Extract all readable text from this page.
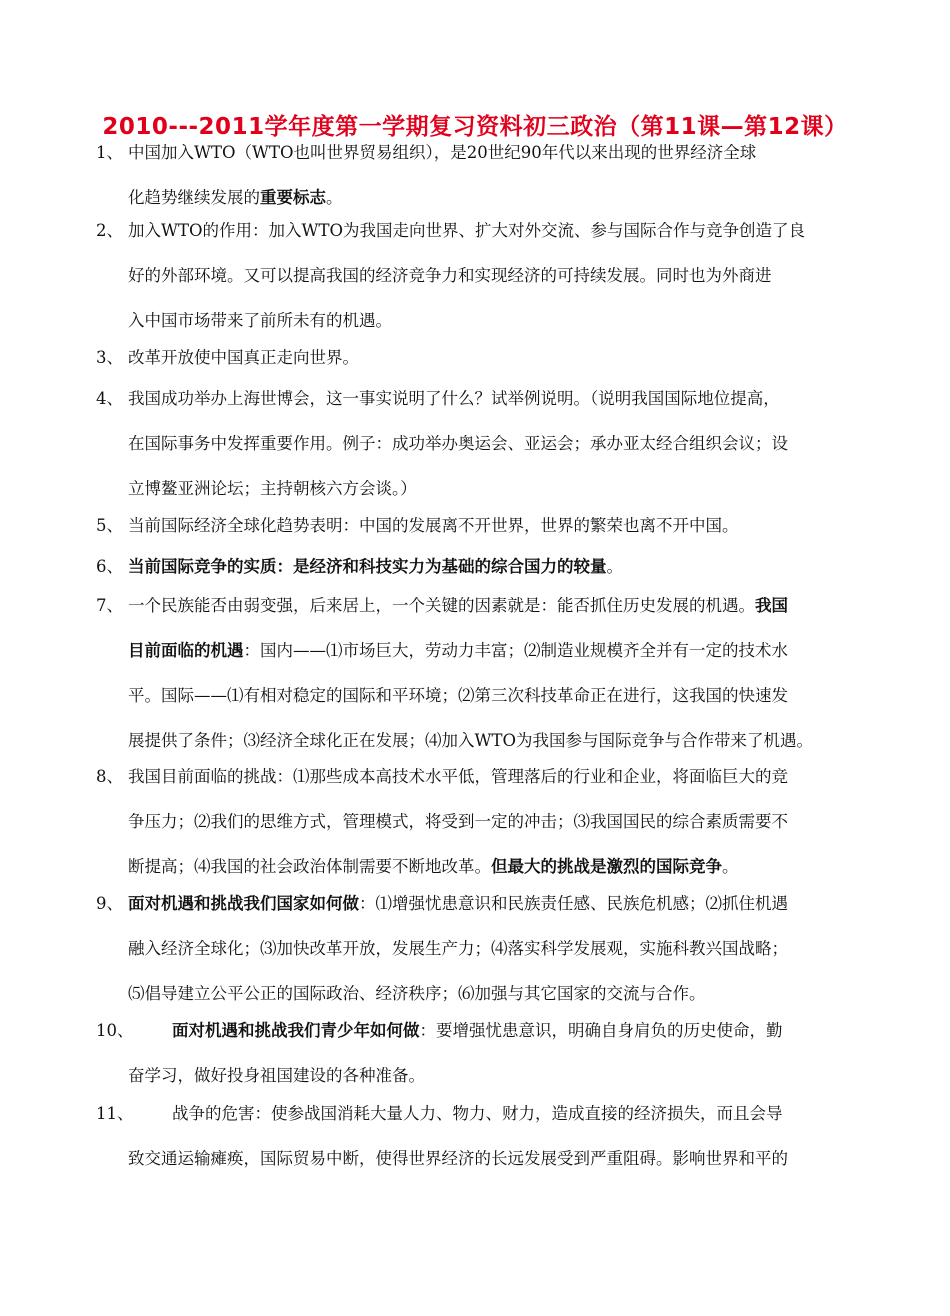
2010---2011学年度第一学期复习资料初三政治（第11课—第12课）
1、 中国加入WTO（WTO也叫世界贸易组织），是20世纪90年代以来出现的世界经济全球
化趋势继续发展的重要标志。
2、 加入WTO的作用：加入WTO为我国走向世界、扩大对外交流、参与国际合作与竞争创造了良
好的外部环境。又可以提高我国的经济竞争力和实现经济的可持续发展。同时也为外商进
入中国市场带来了前所未有的机遇。
3、 改革开放使中国真正走向世界。
4、 我国成功举办上海世博会，这一事实说明了什么？试举例说明。（说明我国国际地位提高，
在国际事务中发挥重要作用。例子：成功举办奥运会、亚运会；承办亚太经合组织会议；设
立博鳌亚洲论坛；主持朝核六方会谈。）
5、 当前国际经济全球化趋势表明：中国的发展离不开世界，世界的繁荣也离不开中国。
6、 当前国际竞争的实质：是经济和科技实力为基础的综合国力的较量。
7、 一个民族能否由弱变强，后来居上，一个关键的因素就是：能否抓住历史发展的机遇。我国
目前面临的机遇：国内——⑴市场巨大，劳动力丰富；⑵制造业规模齐全并有一定的技术水
平。国际——⑴有相对稳定的国际和平环境；⑵第三次科技革命正在进行，这我国的快速发
展提供了条件；⑶经济全球化正在发展；⑷加入WTO为我国参与国际竞争与合作带来了机遇。
8、 我国目前面临的挑战：⑴那些成本高技术水平低，管理落后的行业和企业，将面临巨大的竞
争压力；⑵我们的思维方式，管理模式，将受到一定的冲击；⑶我国国民的综合素质需要不
断提高；⑷我国的社会政治体制需要不断地改革。但最大的挑战是激烈的国际竞争。
9、 面对机遇和挑战我们国家如何做：⑴增强忧患意识和民族责任感、民族危机感；⑵抓住机遇
融入经济全球化；⑶加快改革开放，发展生产力；⑷落实科学发展观，实施科教兴国战略；
⑸倡导建立公平公正的国际政治、经济秩序；⑹加强与其它国家的交流与合作。
10、	面对机遇和挑战我们青少年如何做：要增强忧患意识，明确自身肩负的历史使命，勤
奋学习，做好投身祖国建设的各种准备。
11、	战争的危害：使参战国消耗大量人力、物力、财力，造成直接的经济损失，而且会导
致交通运输瘫痪，国际贸易中断，使得世界经济的长远发展受到严重阻碍。影响世界和平的
